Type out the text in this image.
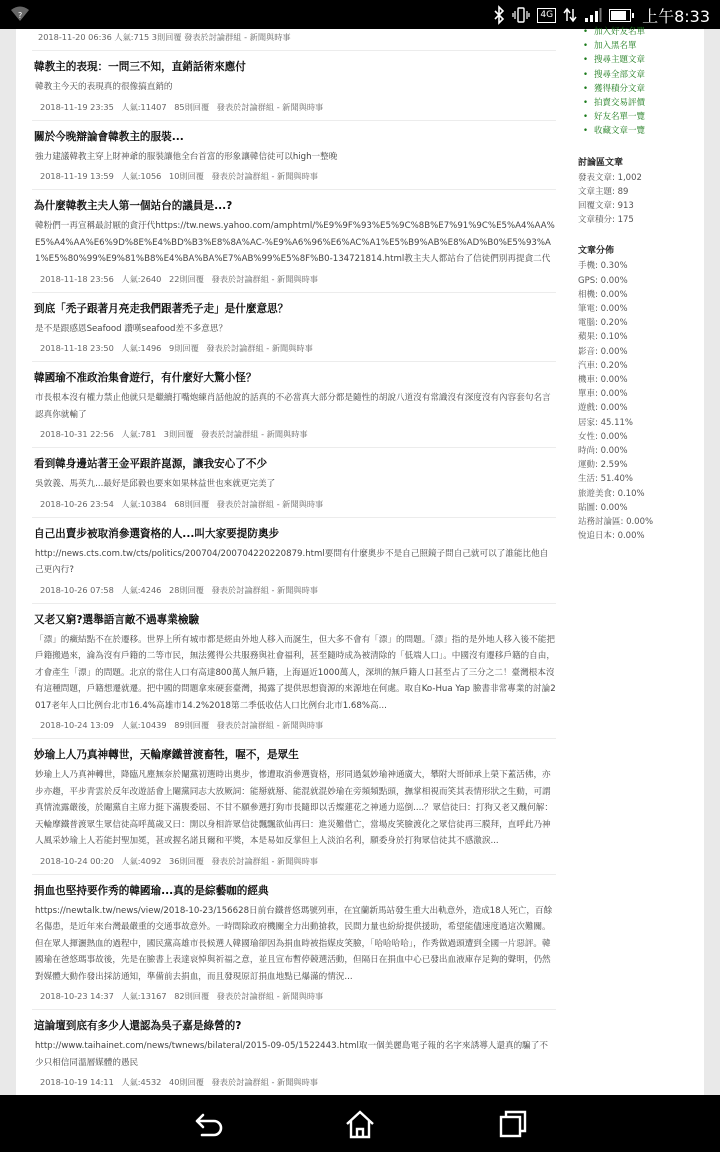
?	4G	上午8:33
2018-11-20 06:36 人氣:715 3則回覆 發表於討論群組 - 新聞與時事
韓教主的表現：一問三不知，直銷話術來應付
韓教主今天的表現真的很像搞直銷的
2018-11-19 23:35 人氣:11407 85則回覆 發表於討論群組 - 新聞與時事
關於今晚辯論會韓教主的服裝...
強力建議韓教主穿上財神爺的服裝讓他全台首富的形象讓韓信徒可以high一整晚
2018-11-19 13:59 人氣:1056 10則回覆 發表於討論群組 - 新聞與時事
為什麼韓教主夫人第一個站台的議員是...?
韓粉們一再宣稱最討厭的貪汙代https://tw.news.yahoo.com/amphtml/%E9%9F%93%E5%9C%8B%E7%91%9C%E5%A4%AA%E5%A4%AA%E6%9D%8E%E4%BD%B3%E8%8A%AC-%E9%A6%96%E6%AC%A1%E5%B9%AB%E8%AD%B0%E5%93%A1%E5%80%99%E9%81%B8%E4%BA%BA%E7%AB%99%E5%8F%B0-134721814.html教主夫人都站台了信徒們別再提貪二代
2018-11-18 23:56 人氣:2640 22則回覆 發表於討論群組 - 新聞與時事
到底「禿子跟著月亮走我們跟著禿子走」是什麼意思？
是不是跟感恩Seafood 讚嘆seafood差不多意思？
2018-11-18 23:50 人氣:1496 9則回覆 發表於討論群組 - 新聞與時事
韓國瑜不准政治集會遊行，有什麼好大驚小怪？
市長根本沒有權力禁止他就只是繼續打嘴炮練肖話他說的話真的不必當真大部分都是隨性的胡說八道沒有常識沒有深度沒有內容套句名言認真你就輸了
2018-10-31 22:56 人氣:781 3則回覆 發表於討論群組 - 新聞與時事
看到韓身邊站著王金平跟許崑源，讓我安心了不少
吳敦義、馬英九...最好是邱毅也要來如果林益世也來就更完美了
2018-10-26 23:54 人氣:10384 68則回覆 發表於討論群組 - 新聞與時事
自己出賣步被取消參選資格的人...叫大家要提防奧步
http://news.cts.com.tw/cts/politics/200704/200704220220879.html要問有什麼奧步不是自己照鏡子問自己就可以了誰能比他自己更內行?
2018-10-26 07:58 人氣:4246 28則回覆 發表於討論群組 - 新聞與時事
又老又窮?選舉語言敵不過專業檢驗
「漂」的癥結點不在於遷移。世界上所有城市都是經由外地人移入而誕生，但大多不會有「漂」的問題。「漂」指的是外地人移入後不能把戶籍搬過來，淪為沒有戶籍的二等市民，無法獲得公共服務與社會福利，甚至隨時成為被清除的「低端人口」。中國沒有遷移戶籍的自由，才會產生「漂」的問題。北京的常住人口有高達800萬人無戶籍，上海逼近1000萬人，深圳的無戶籍人口甚至占了三分之二！臺灣根本沒有這種問題，戶籍想遷就遷。把中國的問題拿來硬套臺灣，揭露了提供思想資源的來源地在何處。取自Ko-Hua Yap 臉書非常專業的討論2017老年人口比例台北市16.4%高雄市14.2%2018第二季低收估人口比例台北市1.68%高...
2018-10-24 13:09 人氣:10439 89則回覆 發表於討論群組 - 新聞與時事
妙瑜上人乃真神轉世，天輪摩鐵普渡畜牲，喔不，是眾生
妙瑜上人乃真神轉世，降臨凡塵無奈於閹黨初選時出奧步，慘遭取消參選資格，形同過氣妙瑜神通廣大，攀附大哥師承上榮下蓋活佛，亦步亦趨，平步青雲於反年改遊話會上閹黨同志大放厥詞：能掰就掰、能混就混妙瑜在旁頻頻點頭，撫掌相視而笑其表情形狀之生動，可謂真情流露嚴後，於閹黨自主席力挺下滿腹委屈、不甘不願參選打狗市長隨即以舌燦蓮花之神通力巡倒....？眾信徒曰：打狗又老又醜何解：天輪摩鐵普渡眾生眾信徒高呼萬歲又曰：開以身相許眾信徒飄飄欲仙再曰：進災難借亡，當場皮笑臉渡化之眾信徒再三膜拜，直呼此乃神人風采妙瑜上人若能封聖加冕，甚或握名諾貝爾和平獎，本是易如反掌但上人淡泊名利，願委身於打狗眾信徒其不感激淚...
2018-10-24 00:20 人氣:4092 36則回覆 發表於討論群組 - 新聞與時事
捐血也堅持要作秀的韓國瑜...真的是綜藝咖的經典
https://newtalk.tw/news/view/2018-10-23/156628日前台鐵普悠瑪號列車，在宜蘭新馬站發生重大出軌意外，造成18人死亡，百餘名傷患，是近年來台灣最嚴重的交通事故意外。一時間除政府機關全力出動搶救，民間力量也紛紛提供援助，希望能儘速度過這次難關。但在眾人揮灑熱血的過程中，國民黨高雄市長候選人韓國瑜卻因為捐血時被指媒皮笑臉，「哈哈哈哈」，作秀做過頭遭到全國一片惡評。韓國瑜在爸悠瑪事故後，先是在臉書上表達哀悼與祈福之意，並且宣布暫停競選活動，但隔日在捐血中心已發出血液庫存足夠的聲明，仍然對媒體大動作發出採訪通知，準備前去捐血，而且發現原訂捐血地點已爆滿的情況...
2018-10-23 14:37 人氣:13167 82則回覆 發表於討論群組 - 新聞與時事
這論壇到底有多少人還認為吳子嘉是綠營的?
http://www.taihainet.com/news/twnews/bilateral/2015-09-05/1522443.html取一個美麗島電子報的名字來誘導人還真的騙了不少只相信同溫層媒體的愚民
2018-10-19 14:11 人氣:4532 40則回覆 發表於討論群組 - 新聞與時事
• 加入好友名單
• 加入黑名單
• 搜尋主題文章
• 搜尋全部文章
• 獲得積分文章
• 拍賣交易評價
• 好友名單一覽
• 收藏文章一覽
討論區文章
發表文章: 1,002
文章主題: 89
回覆文章: 913
文章積分: 175
文章分佈
手機: 0.30%
GPS: 0.00%
相機: 0.00%
筆電: 0.00%
電腦: 0.20%
蘋果: 0.10%
影音: 0.00%
汽車: 0.20%
機車: 0.00%
單車: 0.00%
遊戲: 0.00%
居家: 45.11%
女性: 0.00%
時尚: 0.00%
運動: 2.59%
生活: 51.40%
旅遊美食: 0.10%
貼圖: 0.00%
站務討論區: 0.00%
悅追日本: 0.00%
